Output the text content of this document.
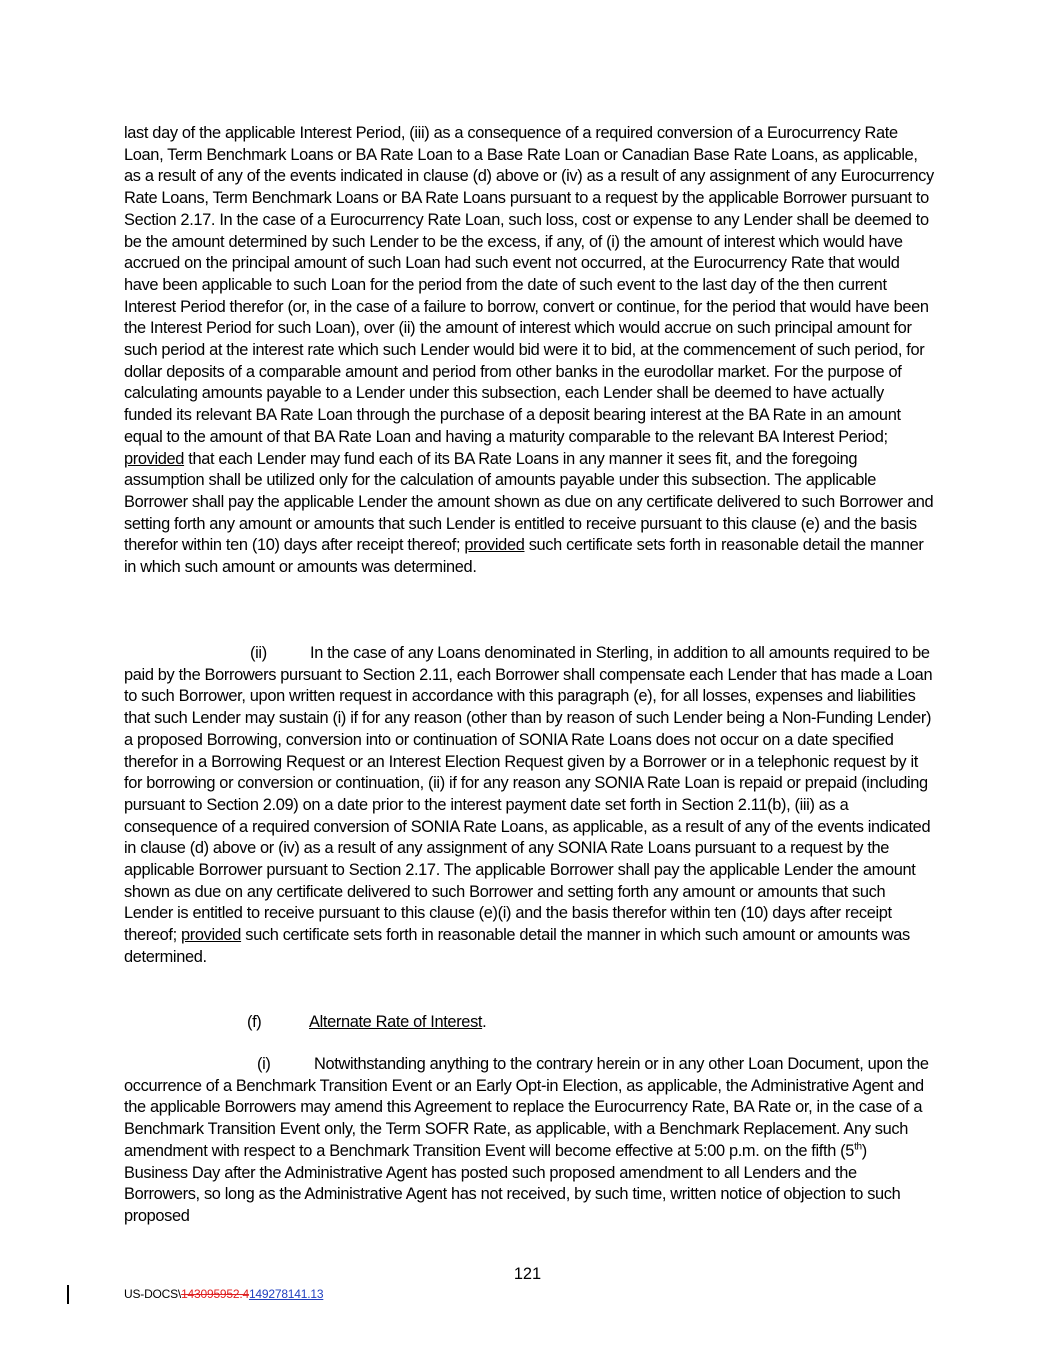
last day of the applicable Interest Period, (iii) as a consequence of a required conversion of a Eurocurrency Rate Loan, Term Benchmark Loans or BA Rate Loan to a Base Rate Loan or Canadian Base Rate Loans, as applicable, as a result of any of the events indicated in clause (d) above or (iv) as a result of any assignment of any Eurocurrency Rate Loans, Term Benchmark Loans or BA Rate Loans pursuant to a request by the applicable Borrower pursuant to Section 2.17. In the case of a Eurocurrency Rate Loan, such loss, cost or expense to any Lender shall be deemed to be the amount determined by such Lender to be the excess, if any, of (i) the amount of interest which would have accrued on the principal amount of such Loan had such event not occurred, at the Eurocurrency Rate that would have been applicable to such Loan for the period from the date of such event to the last day of the then current Interest Period therefor (or, in the case of a failure to borrow, convert or continue, for the period that would have been the Interest Period for such Loan), over (ii) the amount of interest which would accrue on such principal amount for such period at the interest rate which such Lender would bid were it to bid, at the commencement of such period, for dollar deposits of a comparable amount and period from other banks in the eurodollar market. For the purpose of calculating amounts payable to a Lender under this subsection, each Lender shall be deemed to have actually funded its relevant BA Rate Loan through the purchase of a deposit bearing interest at the BA Rate in an amount equal to the amount of that BA Rate Loan and having a maturity comparable to the relevant BA Interest Period; provided that each Lender may fund each of its BA Rate Loans in any manner it sees fit, and the foregoing assumption shall be utilized only for the calculation of amounts payable under this subsection. The applicable Borrower shall pay the applicable Lender the amount shown as due on any certificate delivered to such Borrower and setting forth any amount or amounts that such Lender is entitled to receive pursuant to this clause (e) and the basis therefor within ten (10) days after receipt thereof; provided such certificate sets forth in reasonable detail the manner in which such amount or amounts was determined.

(ii)	In the case of any Loans denominated in Sterling, in addition to all amounts required to be paid by the Borrowers pursuant to Section 2.11, each Borrower shall compensate each Lender that has made a Loan to such Borrower, upon written request in accordance with this paragraph (e), for all losses, expenses and liabilities that such Lender may sustain (i) if for any reason (other than by reason of such Lender being a Non-Funding Lender) a proposed Borrowing, conversion into or continuation of SONIA Rate Loans does not occur on a date specified therefor in a Borrowing Request or an Interest Election Request given by a Borrower or in a telephonic request by it for borrowing or conversion or continuation, (ii) if for any reason any SONIA Rate Loan is repaid or prepaid (including pursuant to Section 2.09) on a date prior to the interest payment date set forth in Section 2.11(b), (iii) as a consequence of a required conversion of SONIA Rate Loans, as applicable, as a result of any of the events indicated in clause (d) above or (iv) as a result of any assignment of any SONIA Rate Loans pursuant to a request by the applicable Borrower pursuant to Section 2.17. The applicable Borrower shall pay the applicable Lender the amount shown as due on any certificate delivered to such Borrower and setting forth any amount or amounts that such Lender is entitled to receive pursuant to this clause (e)(i) and the basis therefor within ten (10) days after receipt thereof; provided such certificate sets forth in reasonable detail the manner in which such amount or amounts was determined.

(f)	Alternate Rate of Interest.

(i)	Notwithstanding anything to the contrary herein or in any other Loan Document, upon the occurrence of a Benchmark Transition Event or an Early Opt-in Election, as applicable, the Administrative Agent and the applicable Borrowers may amend this Agreement to replace the Eurocurrency Rate, BA Rate or, in the case of a Benchmark Transition Event only, the Term SOFR Rate, as applicable, with a Benchmark Replacement. Any such amendment with respect to a Benchmark Transition Event will become effective at 5:00 p.m. on the fifth (5th) Business Day after the Administrative Agent has posted such proposed amendment to all Lenders and the Borrowers, so long as the Administrative Agent has not received, by such time, written notice of objection to such proposed

121
US-DOCS\143095952.4149278141.13
